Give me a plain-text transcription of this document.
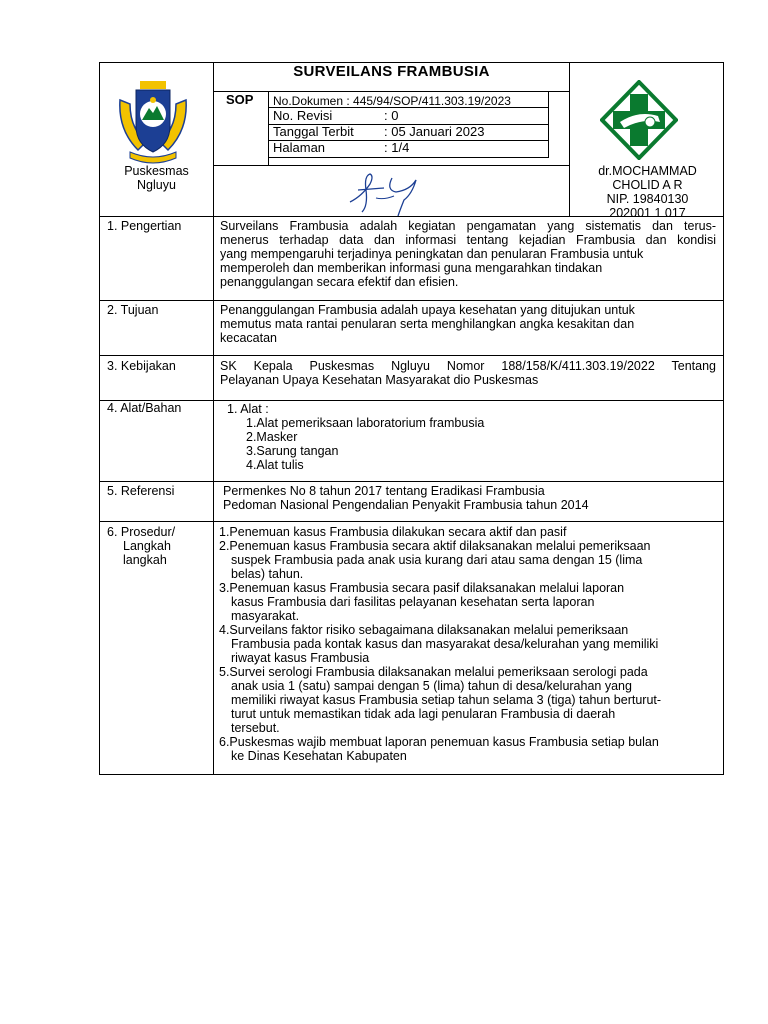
Puskesmas
Ngluyu
SURVEILANS FRAMBUSIA
SOP No.Dokumen : 445/94/SOP/411.303.19/2023
No. Revisi	: 0
Tanggal Terbit : 05 Januari 2023
Halaman	: 1/4
dr.MOCHAMMAD
CHOLID A R
NIP. 19840130
202001 1 017
1. Pengertian	Surveilans Frambusia adalah kegiatan pengamatan yang sistematis dan terus-
menerus terhadap data dan informasi tentang kejadian Frambusia dan kondisi
yang mempengaruhi terjadinya peningkatan dan penularan Frambusia untuk
memperoleh dan memberikan informasi guna mengarahkan tindakan
penanggulangan secara efektif dan efisien.
2. Tujuan	Penanggulangan Frambusia adalah upaya kesehatan yang ditujukan untuk
memutus mata rantai penularan serta menghilangkan angka kesakitan dan
kecacatan
3. Kebijakan	SK Kepala Puskesmas Ngluyu Nomor 188/158/K/411.303.19/2022 Tentang
Pelayanan Upaya Kesehatan Masyarakat dio Puskesmas
4. Alat/Bahan	1. Alat :
1.Alat pemeriksaan laboratorium frambusia
2.Masker
3.Sarung tangan
4.Alat tulis
5. Referensi	Permenkes No 8 tahun 2017 tentang Eradikasi Frambusia
Pedoman Nasional Pengendalian Penyakit Frambusia tahun 2014
6. Prosedur/
Langkah
langkah
1.Penemuan kasus Frambusia dilakukan secara aktif dan pasif
2.Penemuan kasus Frambusia secara aktif dilaksanakan melalui pemeriksaan
suspek Frambusia pada anak usia kurang dari atau sama dengan 15 (lima
belas) tahun.
3.Penemuan kasus Frambusia secara pasif dilaksanakan melalui laporan
kasus Frambusia dari fasilitas pelayanan kesehatan serta laporan
masyarakat.
4.Surveilans faktor risiko sebagaimana dilaksanakan melalui pemeriksaan
Frambusia pada kontak kasus dan masyarakat desa/kelurahan yang memiliki
riwayat kasus Frambusia
5.Survei serologi Frambusia dilaksanakan melalui pemeriksaan serologi pada
anak usia 1 (satu) sampai dengan 5 (lima) tahun di desa/kelurahan yang
memiliki riwayat kasus Frambusia setiap tahun selama 3 (tiga) tahun berturut-
turut untuk memastikan tidak ada lagi penularan Frambusia di daerah
tersebut.
6.Puskesmas wajib membuat laporan penemuan kasus Frambusia setiap bulan
ke Dinas Kesehatan Kabupaten
